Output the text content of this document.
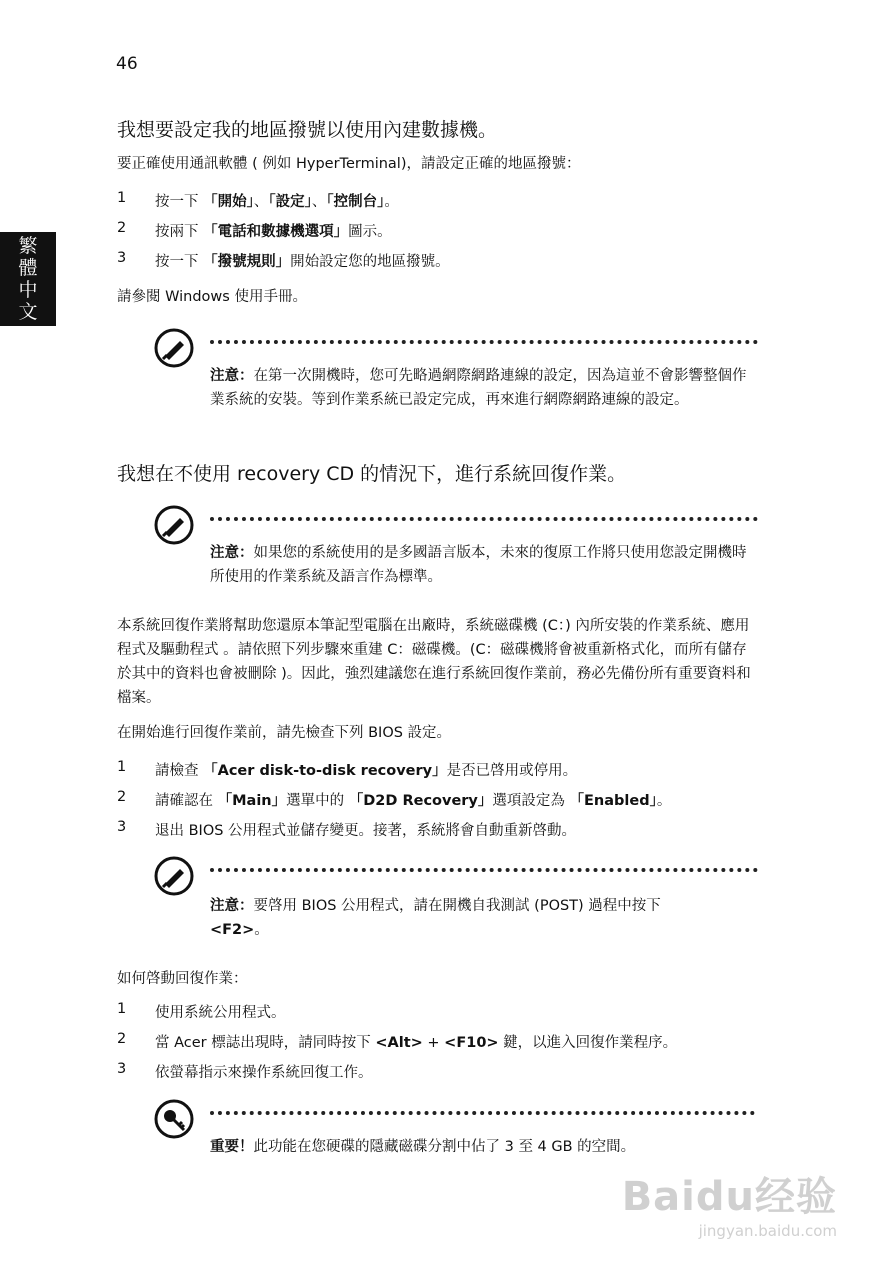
46
繁
體
中
文
我想要設定我的地區撥號以使用內建數據機。
要正確使用通訊軟體 ( 例如 HyperTerminal)，請設定正確的地區撥號：
1 按一下 「開始」、「設定」、「控制台」。
2 按兩下 「電話和數據機選項」圖示。
3 按一下 「撥號規則」開始設定您的地區撥號。
請參閱 Windows 使用手冊。
注意：在第一次開機時，您可先略過網際網路連線的設定，因為這並不會影響整個作業系統的安裝。等到作業系統已設定完成，再來進行網際網路連線的設定。
我想在不使用 recovery CD 的情況下，進行系統回復作業。
注意：如果您的系統使用的是多國語言版本，未來的復原工作將只使用您設定開機時所使用的作業系統及語言作為標準。
本系統回復作業將幫助您還原本筆記型電腦在出廠時，系統磁碟機 (C：) 內所安裝的作業系統、應用程式及驅動程式 。請依照下列步驟來重建 C：磁碟機。(C：磁碟機將會被重新格式化，而所有儲存於其中的資料也會被刪除 )。因此，強烈建議您在進行系統回復作業前，務必先備份所有重要資料和檔案。
在開始進行回復作業前，請先檢查下列 BIOS 設定。
1 請檢查 「Acer disk-to-disk recovery」是否已啓用或停用。
2 請確認在 「Main」選單中的 「D2D Recovery」選項設定為 「Enabled」。
3 退出 BIOS 公用程式並儲存變更。接著，系統將會自動重新啓動。
注意：要啓用 BIOS 公用程式，請在開機自我測試 (POST) 過程中按下
<F2>。
如何啓動回復作業：
1 使用系統公用程式。
2 當 Acer 標誌出現時，請同時按下 <Alt> + <F10> 鍵，以進入回復作業程序。
3 依螢幕指示來操作系統回復工作。
重要！此功能在您硬碟的隱藏磁碟分割中佔了 3 至 4 GB 的空間。
Baidu经验
jingyan.baidu.com
